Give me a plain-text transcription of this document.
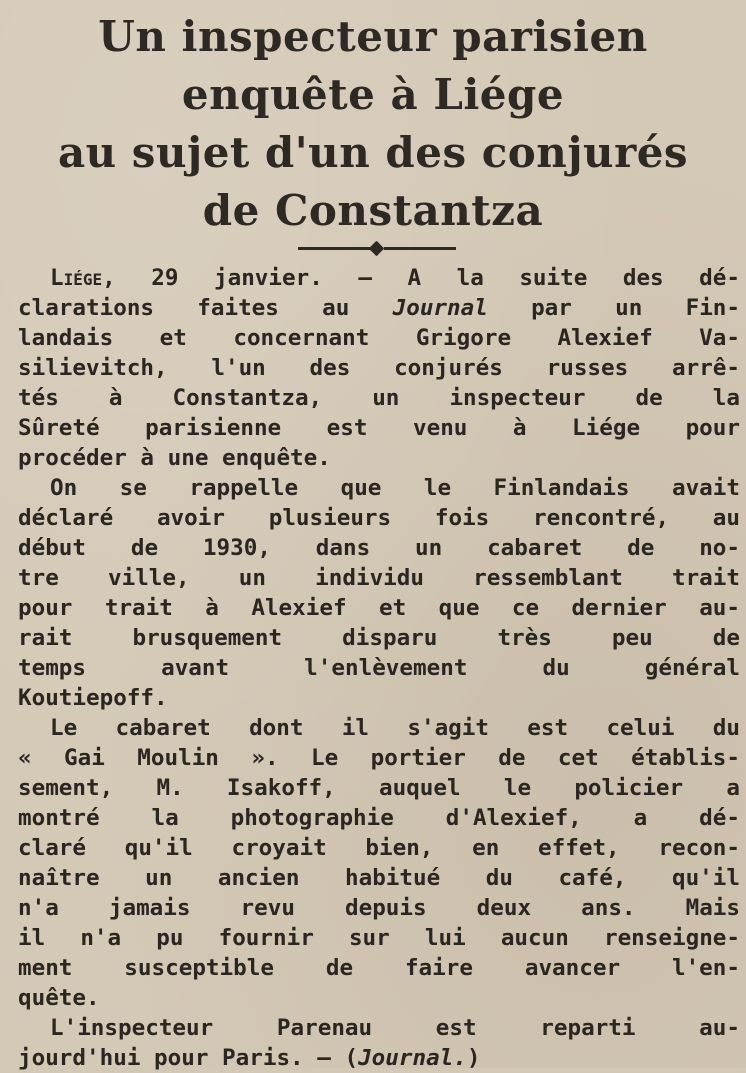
Un inspecteur parisien
enquête à Liége
au sujet d'un des conjurés
de Constantza
Liége, 29 janvier. — A la suite des dé-
clarations faites au Journal par un Fin-
landais et concernant Grigore Alexief Va-
silievitch, l'un des conjurés russes arrê-
tés à Constantza, un inspecteur de la
Sûreté parisienne est venu à Liége pour
procéder à une enquête.
On se rappelle que le Finlandais avait
déclaré avoir plusieurs fois rencontré, au
début de 1930, dans un cabaret de no-
tre ville, un individu ressemblant trait
pour trait à Alexief et que ce dernier au-
rait brusquement disparu très peu de
temps avant l'enlèvement du général
Koutiepoff.
Le cabaret dont il s'agit est celui du
« Gai Moulin ». Le portier de cet établis-
sement, M. Isakoff, auquel le policier a
montré la photographie d'Alexief, a dé-
claré qu'il croyait bien, en effet, recon-
naître un ancien habitué du café, qu'il
n'a jamais revu depuis deux ans. Mais
il n'a pu fournir sur lui aucun renseigne-
ment susceptible de faire avancer l'en-
quête.
L'inspecteur Parenau est reparti au-
jourd'hui pour Paris. — (Journal.)
